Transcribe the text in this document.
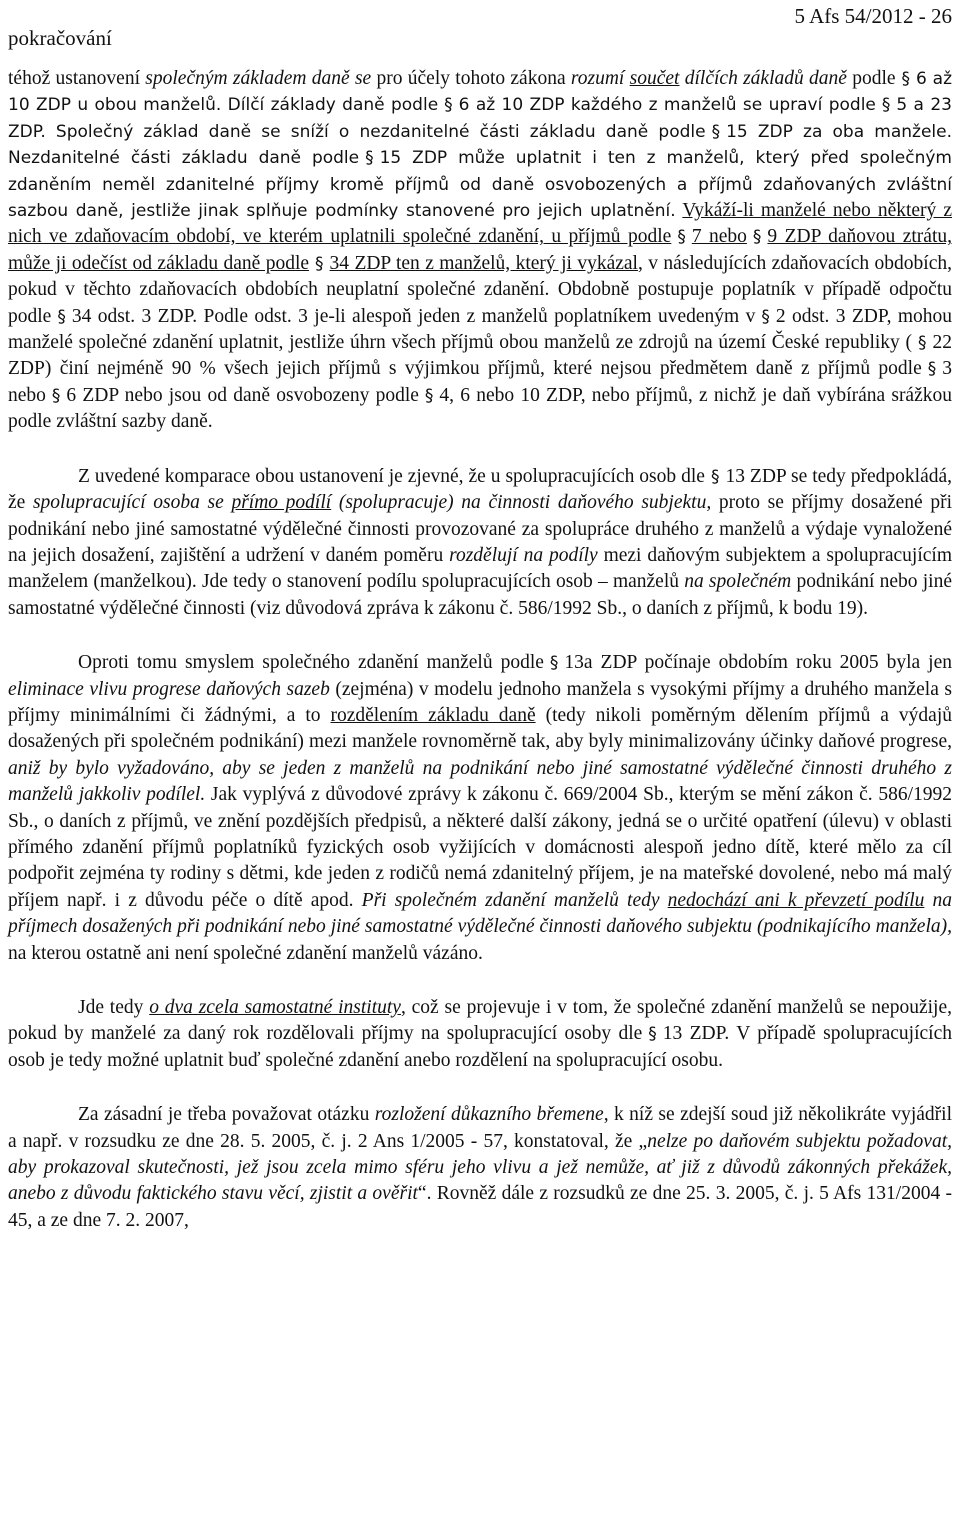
pokračování
5 Afs 54/2012 - 26

téhož ustanovení společným základem daně se pro účely tohoto zákona rozumí součet dílčích základů daně podle § 6 až 10 ZDP u obou manželů. Dílčí základy daně podle § 6 až 10 ZDP každého z manželů se upraví podle § 5 a 23 ZDP. Společný základ daně se sníží o nezdanitelné části základu daně podle § 15 ZDP za oba manžele. Nezdanitelné části základu daně podle § 15 ZDP může uplatnit i ten z manželů, který před společným zdaněním neměl zdanitelné příjmy kromě příjmů od daně osvobozených a příjmů zdaňovaných zvláštní sazbou daně, jestliže jinak splňuje podmínky stanovené pro jejich uplatnění. Vykáží-li manželé nebo některý z nich ve zdaňovacím období, ve kterém uplatnili společné zdanění, u příjmů podle § 7 nebo § 9 ZDP daňovou ztrátu, může ji odečíst od základu daně podle § 34 ZDP ten z manželů, který ji vykázal, v následujících zdaňovacích obdobích, pokud v těchto zdaňovacích obdobích neuplatní společné zdanění. Obdobně postupuje poplatník v případě odpočtu podle § 34 odst. 3 ZDP. Podle odst. 3 je-li alespoň jeden z manželů poplatníkem uvedeným v § 2 odst. 3 ZDP, mohou manželé společné zdanění uplatnit, jestliže úhrn všech příjmů obou manželů ze zdrojů na území České republiky ( § 22 ZDP) činí nejméně 90 % všech jejich příjmů s výjimkou příjmů, které nejsou předmětem daně z příjmů podle § 3 nebo § 6 ZDP nebo jsou od daně osvobozeny podle § 4, 6 nebo 10 ZDP, nebo příjmů, z nichž je daň vybírána srážkou podle zvláštní sazby daně.

Z uvedené komparace obou ustanovení je zjevné, že u spolupracujících osob dle § 13 ZDP se tedy předpokládá, že spolupracující osoba se přímo podílí (spolupracuje) na činnosti daňového subjektu, proto se příjmy dosažené při podnikání nebo jiné samostatné výdělečné činnosti provozované za spolupráce druhého z manželů a výdaje vynaložené na jejich dosažení, zajištění a udržení v daném poměru rozdělují na podíly mezi daňovým subjektem a spolupracujícím manželem (manželkou). Jde tedy o stanovení podílu spolupracujících osob – manželů na společném podnikání nebo jiné samostatné výdělečné činnosti (viz důvodová zpráva k zákonu č. 586/1992 Sb., o daních z příjmů, k bodu 19).

Oproti tomu smyslem společného zdanění manželů podle § 13a ZDP počínaje obdobím roku 2005 byla jen eliminace vlivu progrese daňových sazeb (zejména) v modelu jednoho manžela s vysokými příjmy a druhého manžela s příjmy minimálními či žádnými, a to rozdělením základu daně (tedy nikoli poměrným dělením příjmů a výdajů dosažených při společném podnikání) mezi manžele rovnoměrně tak, aby byly minimalizovány účinky daňové progrese, aniž by bylo vyžadováno, aby se jeden z manželů na podnikání nebo jiné samostatné výdělečné činnosti druhého z manželů jakkoliv podílel. Jak vyplývá z důvodové zprávy k zákonu č. 669/2004 Sb., kterým se mění zákon č. 586/1992 Sb., o daních z příjmů, ve znění pozdějších předpisů, a některé další zákony, jedná se o určité opatření (úlevu) v oblasti přímého zdanění příjmů poplatníků fyzických osob vyžijících v domácnosti alespoň jedno dítě, které mělo za cíl podpořit zejména ty rodiny s dětmi, kde jeden z rodičů nemá zdanitelný příjem, je na mateřské dovolené, nebo má malý příjem např. i z důvodu péče o dítě apod. Při společném zdanění manželů tedy nedochází ani k převzetí podílu na příjmech dosažených při podnikání nebo jiné samostatné výdělečné činnosti daňového subjektu (podnikajícího manžela), na kterou ostatně ani není společné zdanění manželů vázáno.

Jde tedy o dva zcela samostatné instituty, což se projevuje i v tom, že společné zdanění manželů se nepoužije, pokud by manželé za daný rok rozdělovali příjmy na spolupracující osoby dle § 13 ZDP. V případě spolupracujících osob je tedy možné uplatnit buď společné zdanění anebo rozdělení na spolupracující osobu.

Za zásadní je třeba považovat otázku rozložení důkazního břemene, k níž se zdejší soud již několikráte vyjádřil a např. v rozsudku ze dne 28. 5. 2005, č. j. 2 Ans 1/2005 - 57, konstatoval, že „nelze po daňovém subjektu požadovat, aby prokazoval skutečnosti, jež jsou zcela mimo sféru jeho vlivu a jež nemůže, ať již z důvodů zákonných překážek, anebo z důvodu faktického stavu věcí, zjistit a ověřit“. Rovněž dále z rozsudků ze dne 25. 3. 2005, č. j. 5 Afs 131/2004 - 45, a ze dne 7. 2. 2007,
